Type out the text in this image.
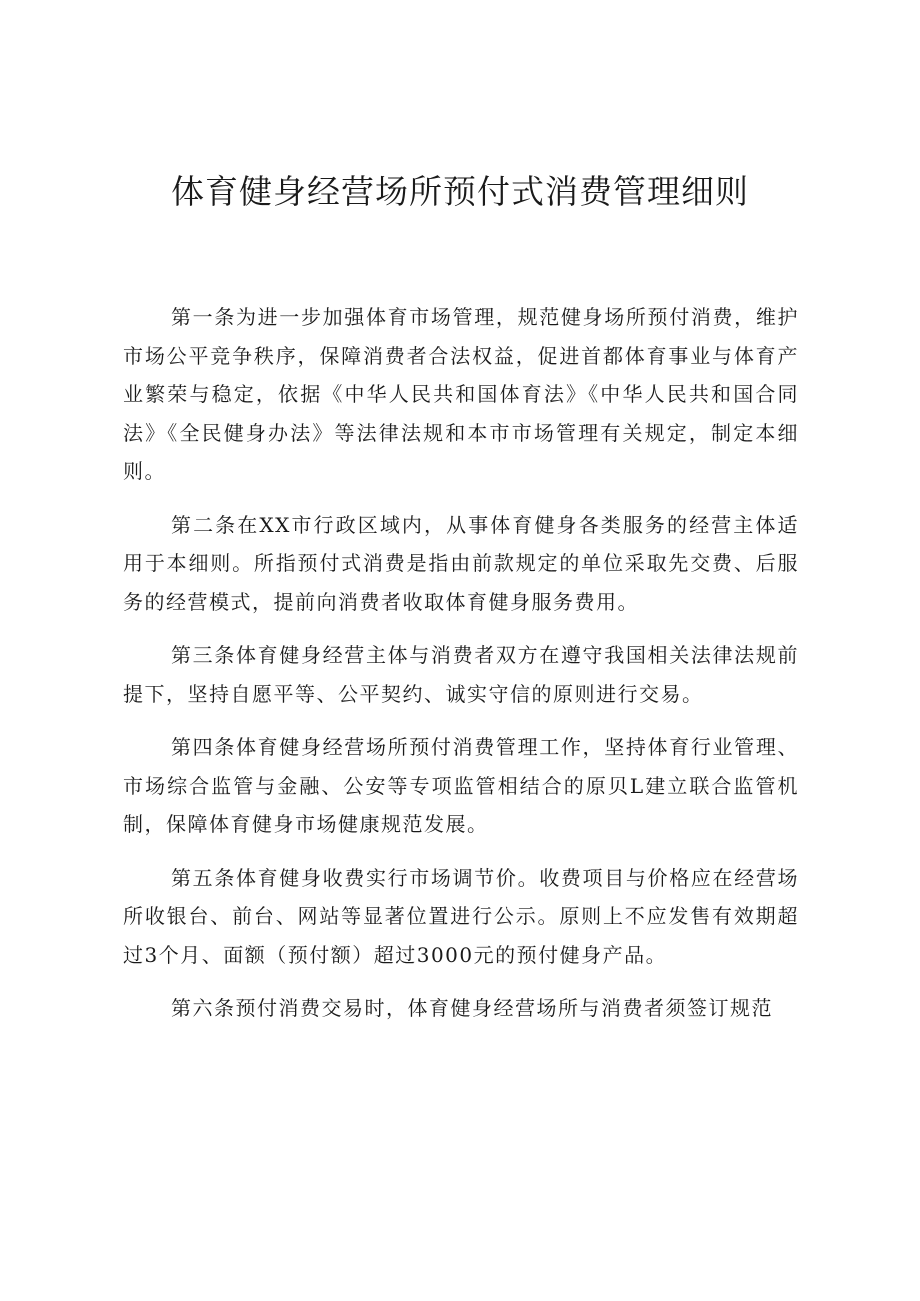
体育健身经营场所预付式消费管理细则

第一条为进一步加强体育市场管理，规范健身场所预付消费，维护市场公平竞争秩序，保障消费者合法权益，促进首都体育事业与体育产业繁荣与稳定，依据《中华人民共和国体育法》《中华人民共和国合同法》《全民健身办法》等法律法规和本市市场管理有关规定，制定本细则。

第二条在XX市行政区域内，从事体育健身各类服务的经营主体适用于本细则。所指预付式消费是指由前款规定的单位采取先交费、后服务的经营模式，提前向消费者收取体育健身服务费用。

第三条体育健身经营主体与消费者双方在遵守我国相关法律法规前提下，坚持自愿平等、公平契约、诚实守信的原则进行交易。

第四条体育健身经营场所预付消费管理工作，坚持体育行业管理、市场综合监管与金融、公安等专项监管相结合的原贝L建立联合监管机制，保障体育健身市场健康规范发展。

第五条体育健身收费实行市场调节价。收费项目与价格应在经营场所收银台、前台、网站等显著位置进行公示。原则上不应发售有效期超过3个月、面额（预付额）超过3000元的预付健身产品。

第六条预付消费交易时，体育健身经营场所与消费者须签订规范
